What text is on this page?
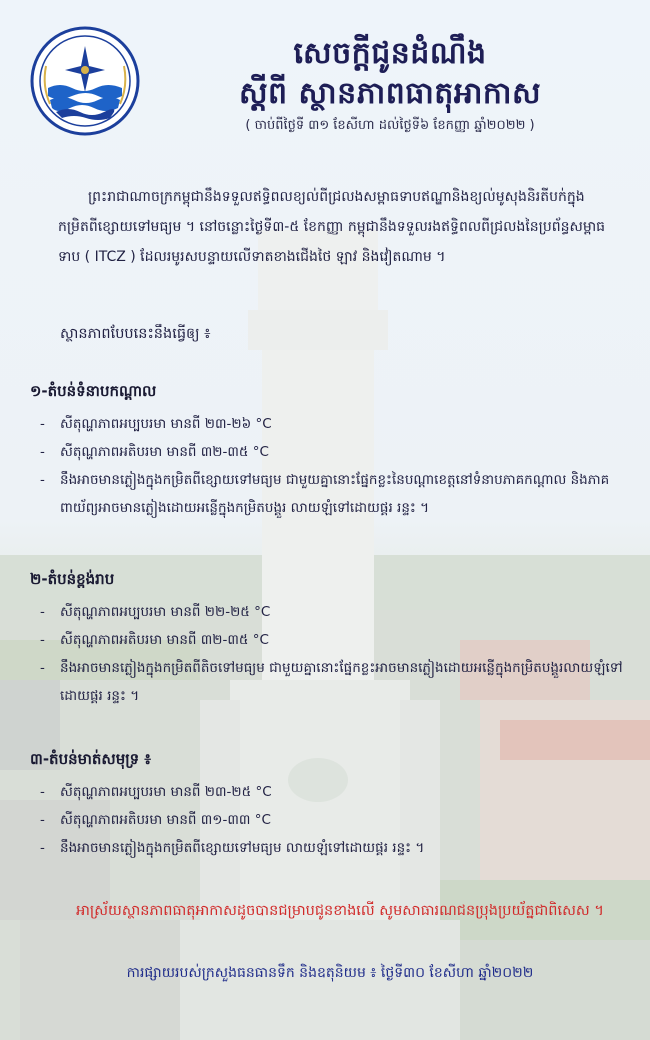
សេចក្តីជូនដំណឹង
ស្តីពី ស្ថានភាពធាតុអាកាស
( ចាប់ពីថ្ងៃទី ៣១ ខែសីហា ដល់ថ្ងៃទី៦ ខែកញ្ញា ឆ្នាំ២០២២ )
ព្រះរាជាណាចក្រកម្ពុជានឹងទទួលឥទ្ធិពលខ្យល់ពីជ្រលងសម្ពាធទាបឥណ្ឌានិងខ្យល់មូសុងនិរតីបក់ក្នុងកម្រិតពីខ្សោយទៅមធ្យម ។ នៅចន្លោះថ្ងៃទី៣-៥ ខែកញ្ញា កម្ពុជានឹងទទួលរងឥទ្ធិពលពីជ្រលងនៃប្រព័ន្ធសម្ពាធទាប ( ITCZ ) ដែលរមូរសបន្ទាយលើទាតខាងជើងថៃ ឡាវ និងវៀតណាម ។
ស្ថានភាពបែបនេះនឹងធ្វើឲ្យ ៖
១-តំបន់ទំនាបកណ្តាល
- សីតុណ្ហភាពអប្បបរមា មានពី ២៣-២៦ °C
- សីតុណ្ហភាពអតិបរមា មានពី ៣២-៣៥ °C
- នឹងអាចមានភ្លៀងក្នុងកម្រិតពីខ្សោយទៅមធ្យម ជាមួយគ្នានោះផ្នែកខ្លះនៃបណ្តាខេត្តនៅទំនាបភាគកណ្តាល និងភាគពាយ័ព្យអាចមានភ្លៀងដោយអន្លើក្នុងកម្រិតបង្គួរ លាយឡំទៅដោយផ្គរ រន្ទះ ។
២-តំបន់ខ្ពង់រាប
- សីតុណ្ហភាពអប្បបរមា មានពី ២២-២៥ °C
- សីតុណ្ហភាពអតិបរមា មានពី ៣២-៣៥ °C
- នឹងអាចមានភ្លៀងក្នុងកម្រិតពីតិចទៅមធ្យម ជាមួយគ្នានោះផ្នែកខ្លះអាចមានភ្លៀងដោយអន្លើក្នុងកម្រិតបង្គួរលាយឡំទៅដោយផ្គរ រន្ទះ ។
៣-តំបន់មាត់សមុទ្រ ៖
- សីតុណ្ហភាពអប្បបរមា មានពី ២៣-២៥ °C
- សីតុណ្ហភាពអតិបរមា មានពី ៣១-៣៣ °C
- នឹងអាចមានភ្លៀងក្នុងកម្រិតពីខ្សោយទៅមធ្យម លាយឡំទៅដោយផ្គរ រន្ទះ ។
អាស្រ័យស្ថានភាពធាតុអាកាសដូចបានជម្រាបជូនខាងលើ សូមសាធារណជនប្រុងប្រយ័ត្នជាពិសេស ។
ការផ្សាយរបស់ក្រសួងធនធានទឹក និងឧតុនិយម ៖ ថ្ងៃទី៣០ ខែសីហា ឆ្នាំ២០២២
